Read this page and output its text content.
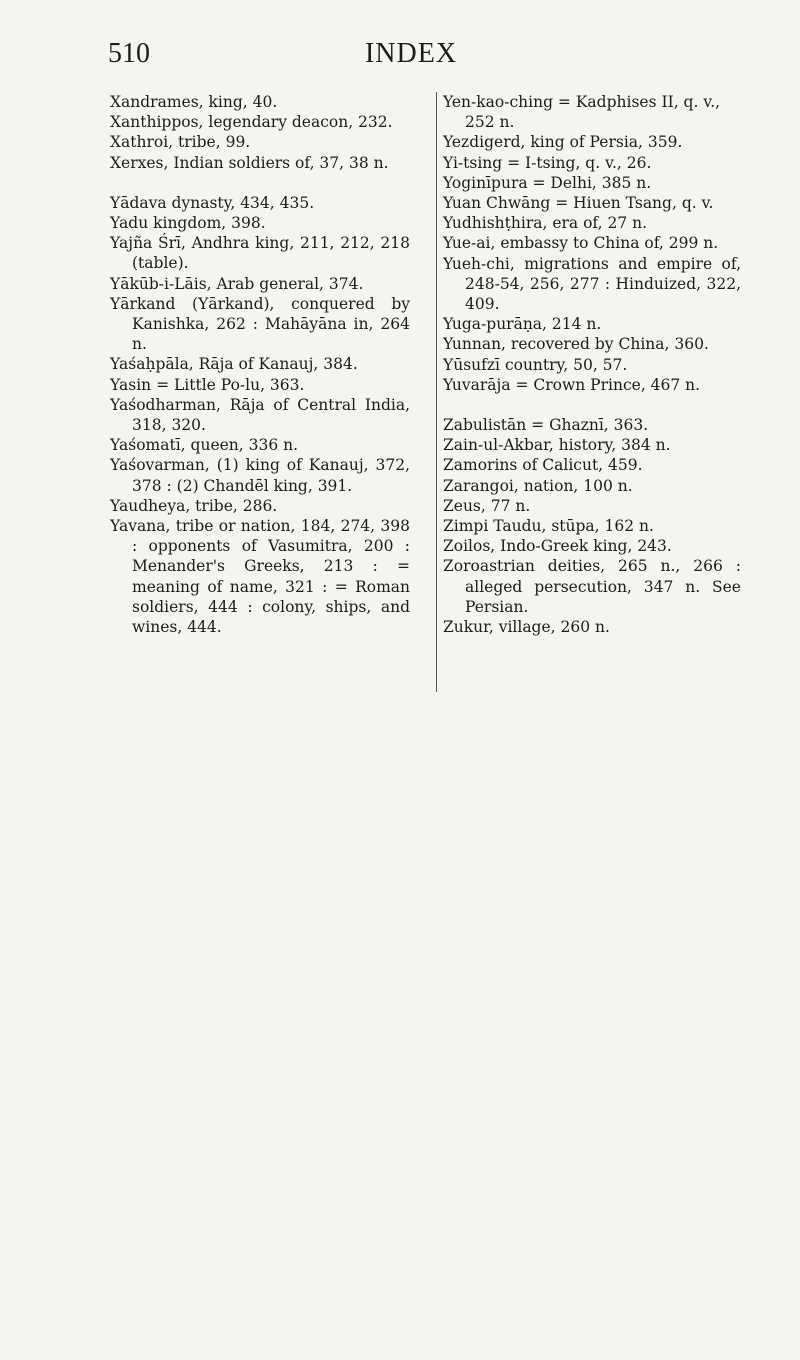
510	INDEX

Xandrames, king, 40.

Xanthippos, legendary deacon, 232.

Xathroi, tribe, 99.

Xerxes, Indian soldiers of, 37, 38 n.

Yādava dynasty, 434, 435.

Yadu kingdom, 398.

Yajña Śrī, Andhra king, 211, 212, 218 (table).

Yākūb-i-Lāis, Arab general, 374.

Yārkand (Yārkand), conquered by Kanishka, 262 : Mahāyāna in, 264 n.

Yaśaḥpāla, Rāja of Kanauj, 384.

Yasin = Little Po-lu, 363.

Yaśodharman, Rāja of Central India, 318, 320.

Yaśomatī, queen, 336 n.

Yaśovarman, (1) king of Kanauj, 372, 378 : (2) Chandēl king, 391.

Yaudheya, tribe, 286.

Yavana, tribe or nation, 184, 274, 398 : opponents of Vasumitra, 200 : Menander's Greeks, 213 : = meaning of name, 321 : = Roman soldiers, 444 : colony, ships, and wines, 444.

Yen-kao-ching = Kadphises II, q. v., 252 n.

Yezdigerd, king of Persia, 359.

Yi-tsing = I-tsing, q. v., 26.

Yoginīpura = Delhi, 385 n.

Yuan Chwāng = Hiuen Tsang, q. v.

Yudhishṭhira, era of, 27 n.

Yue-ai, embassy to China of, 299 n.

Yueh-chi, migrations and empire of, 248-54, 256, 277 : Hinduized, 322, 409.

Yuga-purāṇa, 214 n.

Yunnan, recovered by China, 360.

Yūsufzī country, 50, 57.

Yuvarāja = Crown Prince, 467 n.

Zabulistān = Ghaznī, 363.

Zain-ul-Akbar, history, 384 n.

Zamorins of Calicut, 459.

Zarangoi, nation, 100 n.

Zeus, 77 n.

Zimpi Taudu, stūpa, 162 n.

Zoilos, Indo-Greek king, 243.

Zoroastrian deities, 265 n., 266 : alleged persecution, 347 n. See Persian.

Zukur, village, 260 n.
